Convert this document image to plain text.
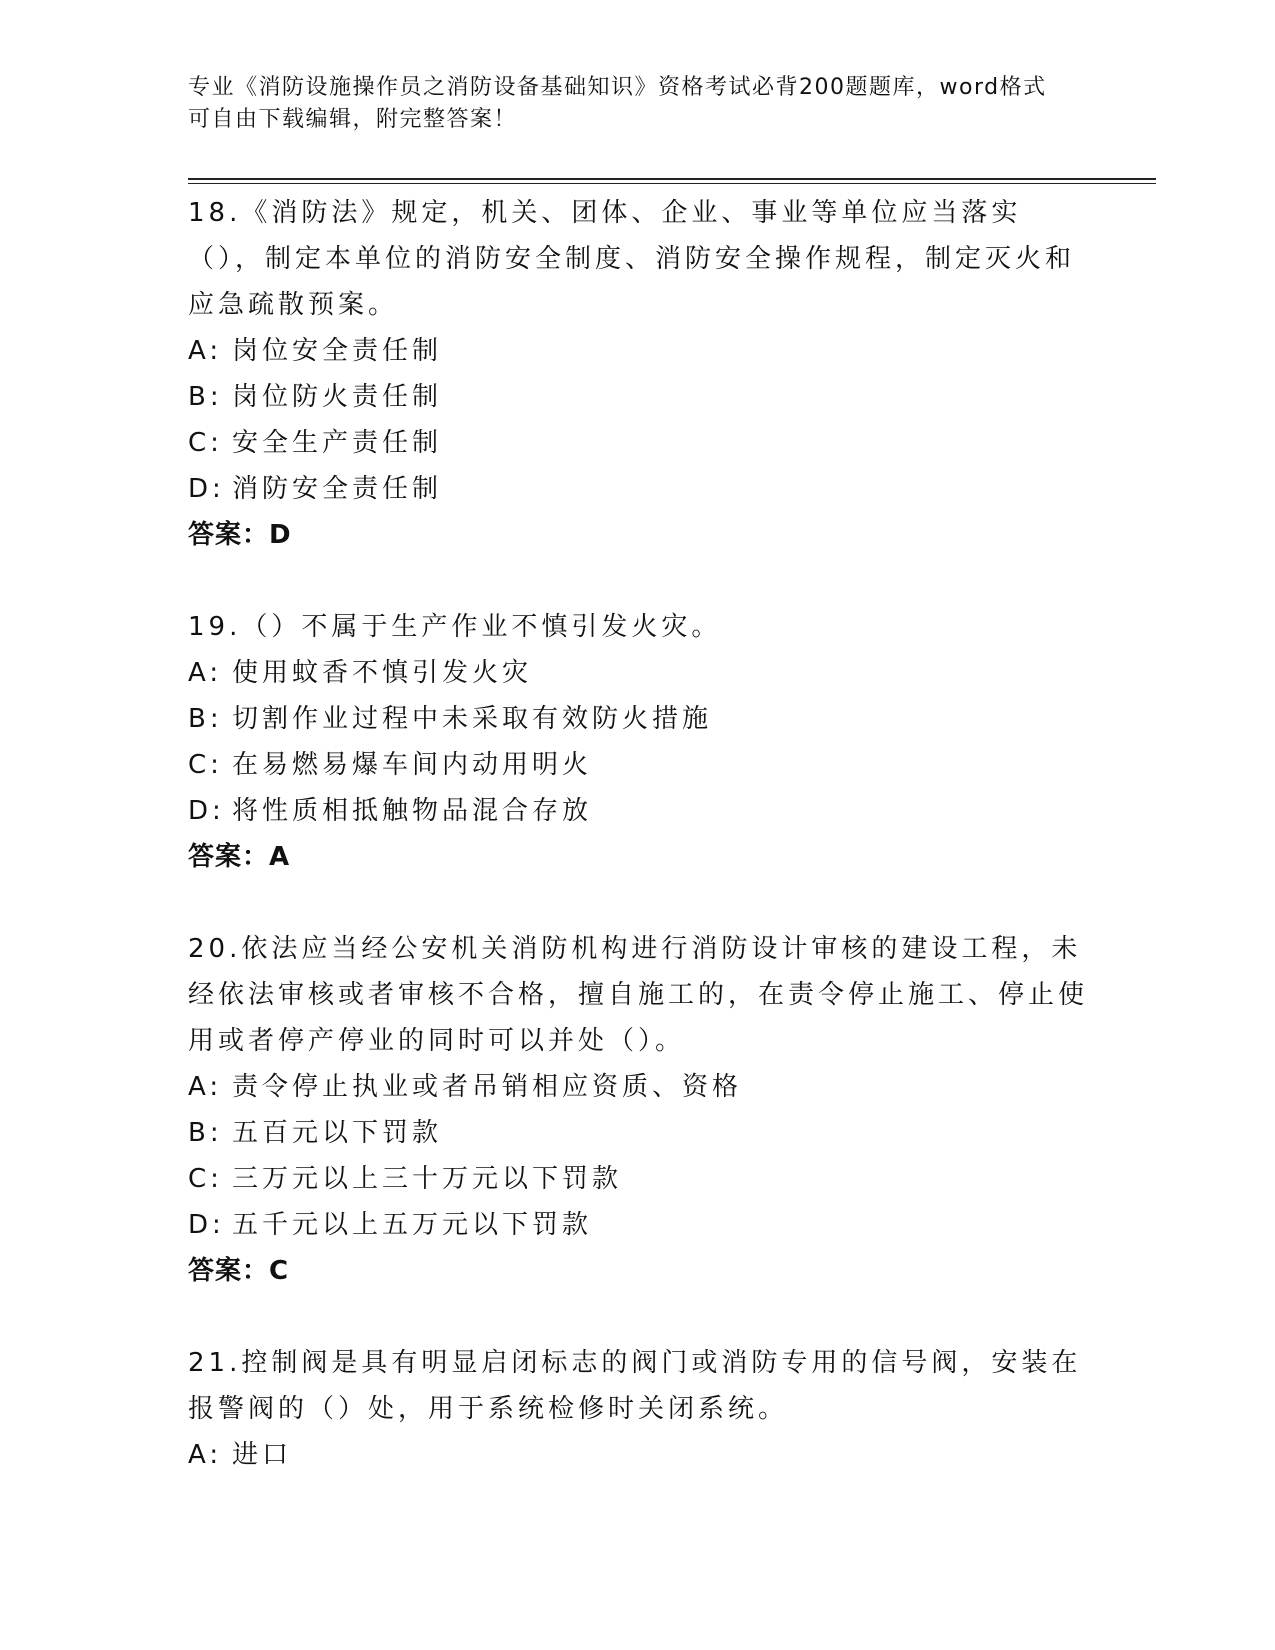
专业《消防设施操作员之消防设备基础知识》资格考试必背200题题库，word格式可自由下载编辑，附完整答案！
18.《消防法》规定，机关、团体、企业、事业等单位应当落实（），制定本单位的消防安全制度、消防安全操作规程，制定灭火和应急疏散预案。
A: 岗位安全责任制
B: 岗位防火责任制
C: 安全生产责任制
D: 消防安全责任制
答案：D
19.（）不属于生产作业不慎引发火灾。
A: 使用蚊香不慎引发火灾
B: 切割作业过程中未采取有效防火措施
C: 在易燃易爆车间内动用明火
D: 将性质相抵触物品混合存放
答案：A
20.依法应当经公安机关消防机构进行消防设计审核的建设工程，未经依法审核或者审核不合格，擅自施工的，在责令停止施工、停止使用或者停产停业的同时可以并处（）。
A: 责令停止执业或者吊销相应资质、资格
B: 五百元以下罚款
C: 三万元以上三十万元以下罚款
D: 五千元以上五万元以下罚款
答案：C
21.控制阀是具有明显启闭标志的阀门或消防专用的信号阀，安装在报警阀的（）处，用于系统检修时关闭系统。
A: 进口
